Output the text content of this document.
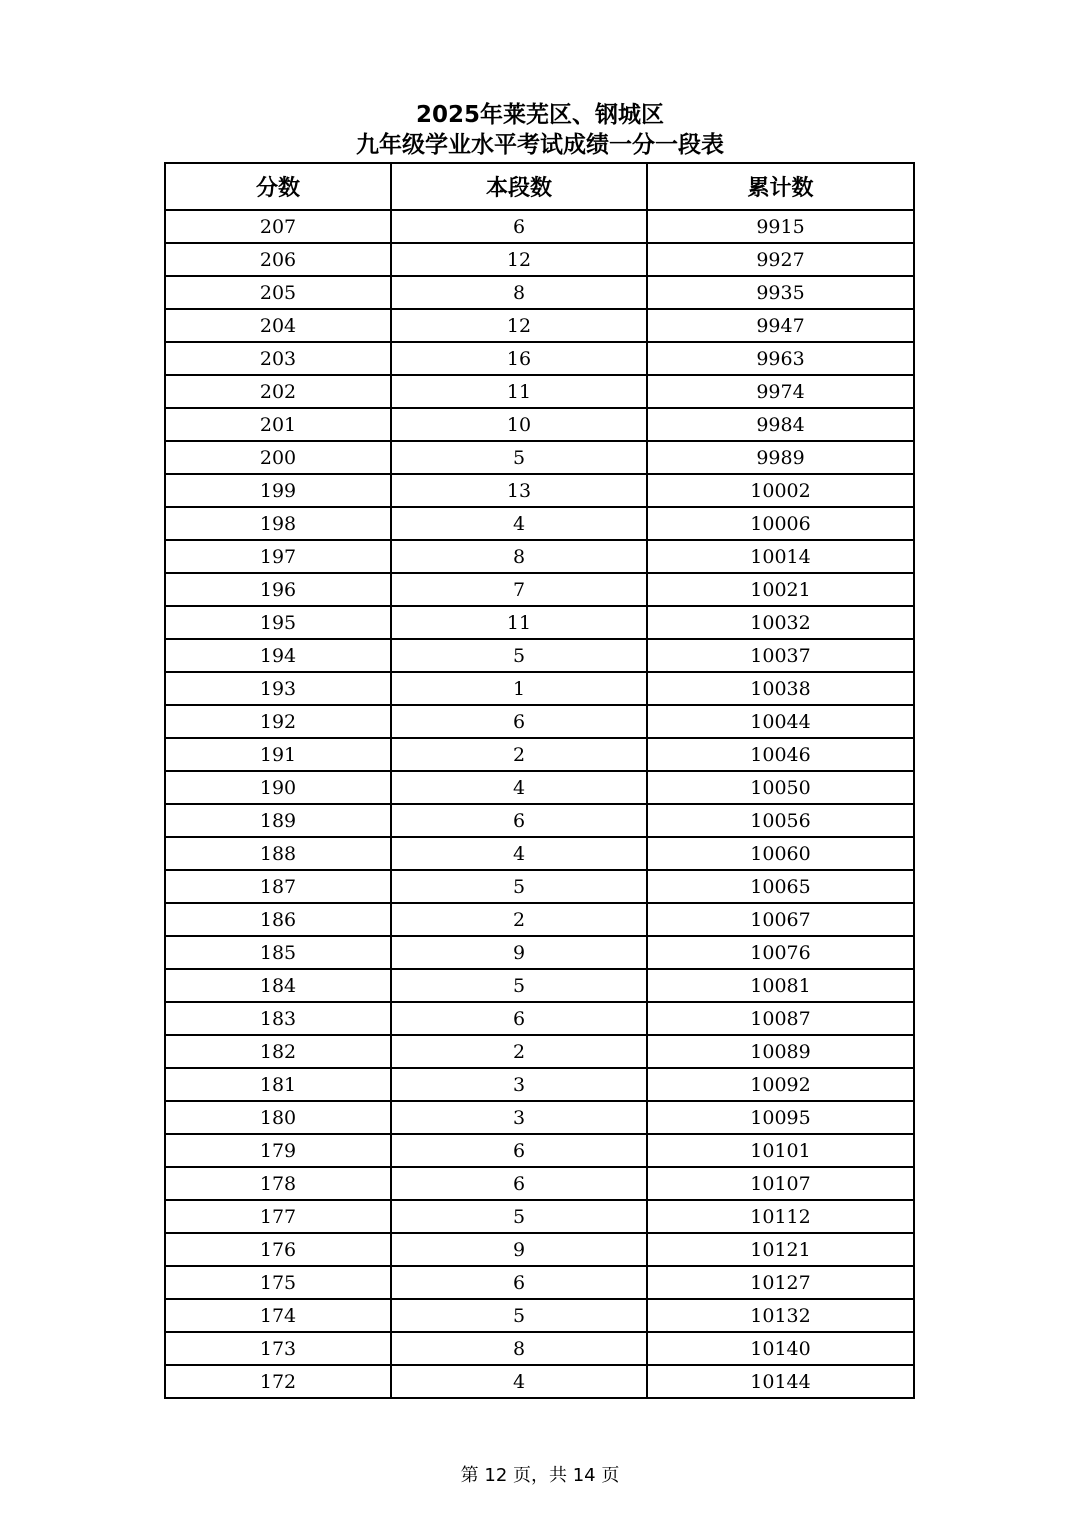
2025年莱芜区、钢城区
九年级学业水平考试成绩一分一段表
分数	本段数	累计数
207	6	9915
206	12	9927
205	8	9935
204	12	9947
203	16	9963
202	11	9974
201	10	9984
200	5	9989
199	13	10002
198	4	10006
197	8	10014
196	7	10021
195	11	10032
194	5	10037
193	1	10038
192	6	10044
191	2	10046
190	4	10050
189	6	10056
188	4	10060
187	5	10065
186	2	10067
185	9	10076
184	5	10081
183	6	10087
182	2	10089
181	3	10092
180	3	10095
179	6	10101
178	6	10107
177	5	10112
176	9	10121
175	6	10127
174	5	10132
173	8	10140
172	4	10144
第 12 页，共 14 页
